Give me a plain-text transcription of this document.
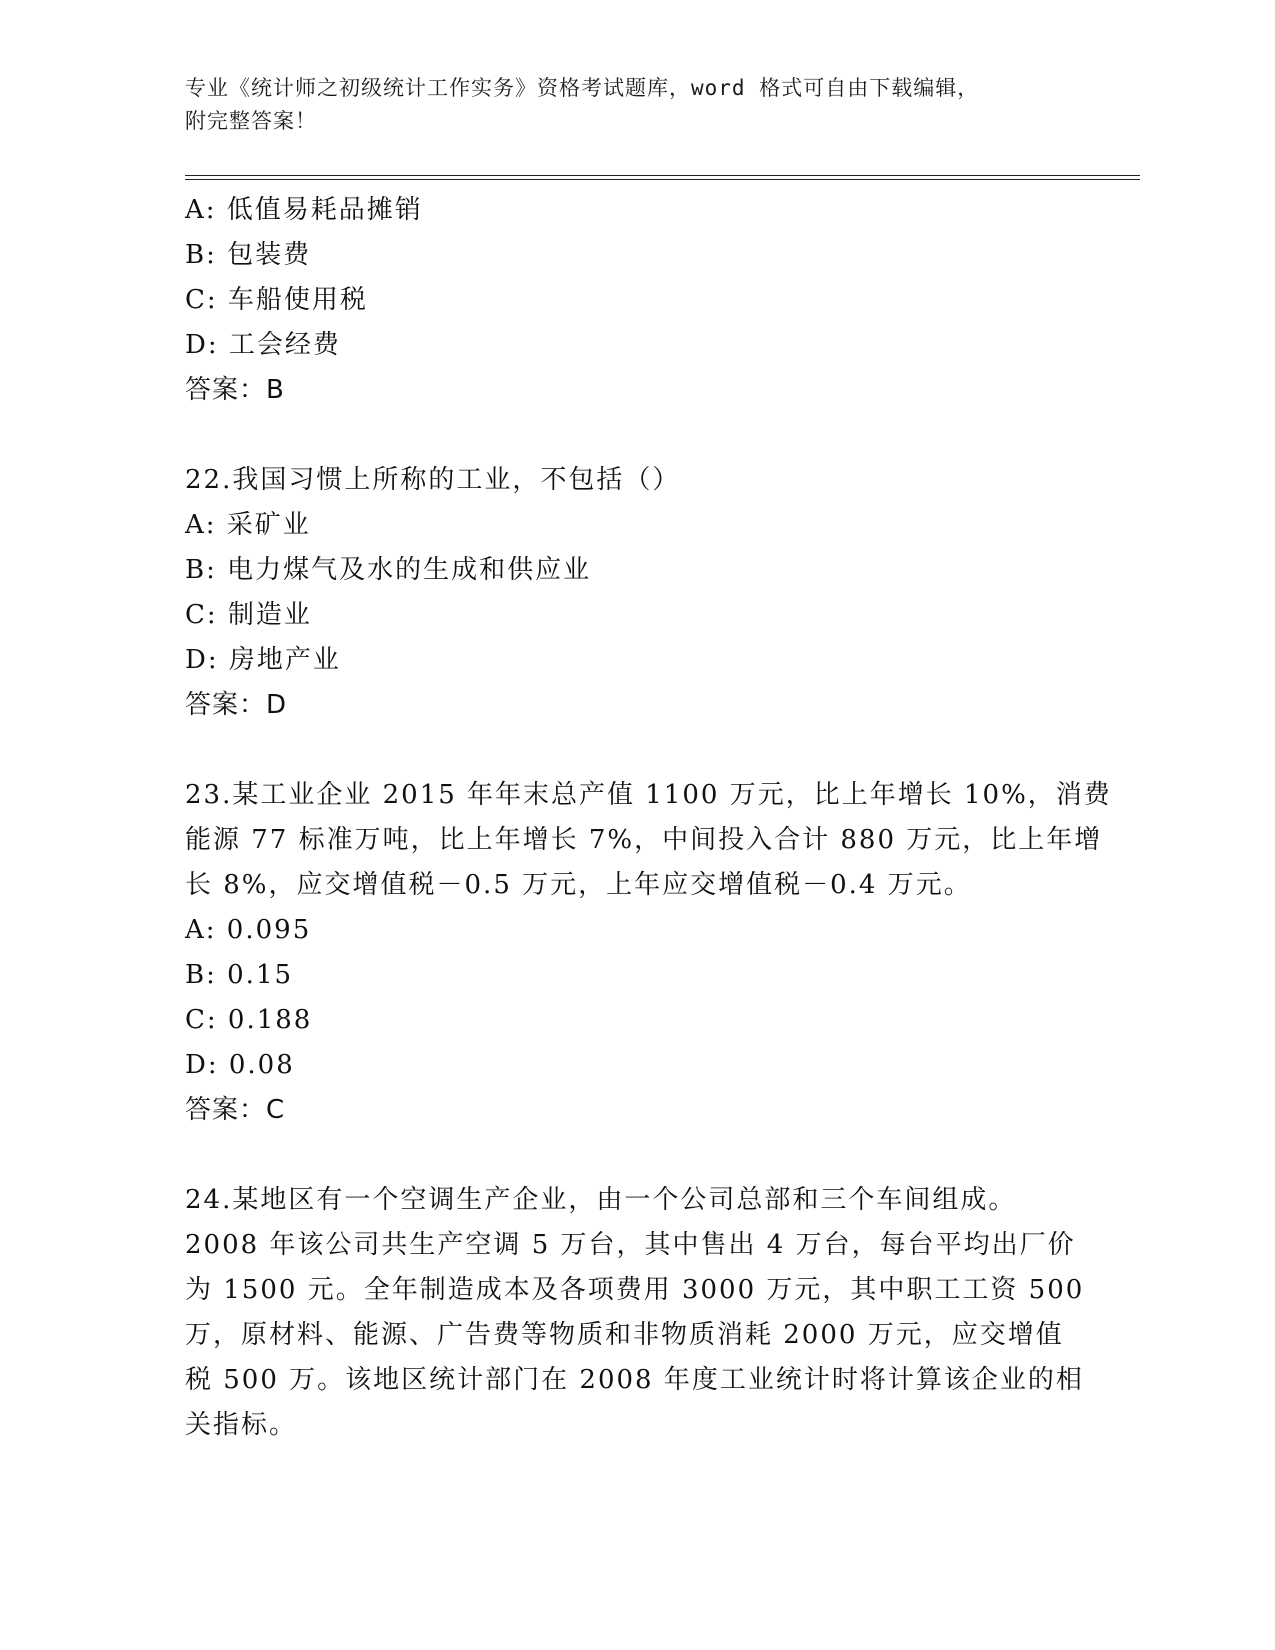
专业《统计师之初级统计工作实务》资格考试题库，word 格式可自由下载编辑，
附完整答案！
A: 低值易耗品摊销
B: 包装费
C: 车船使用税
D: 工会经费
答案：B
22.我国习惯上所称的工业，不包括（）
A: 采矿业
B: 电力煤气及水的生成和供应业
C: 制造业
D: 房地产业
答案：D
23.某工业企业 2015 年年末总产值 1100 万元，比上年增长 10%，消费
能源 77 标准万吨，比上年增长 7%，中间投入合计 880 万元，比上年增
长 8%，应交增值税－0.5 万元，上年应交增值税－0.4 万元。
A: 0.095
B: 0.15
C: 0.188
D: 0.08
答案：C
24.某地区有一个空调生产企业，由一个公司总部和三个车间组成。
2008 年该公司共生产空调 5 万台，其中售出 4 万台，每台平均出厂价
为 1500 元。全年制造成本及各项费用 3000 万元，其中职工工资 500
万，原材料、能源、广告费等物质和非物质消耗 2000 万元，应交增值
税 500 万。该地区统计部门在 2008 年度工业统计时将计算该企业的相
关指标。
